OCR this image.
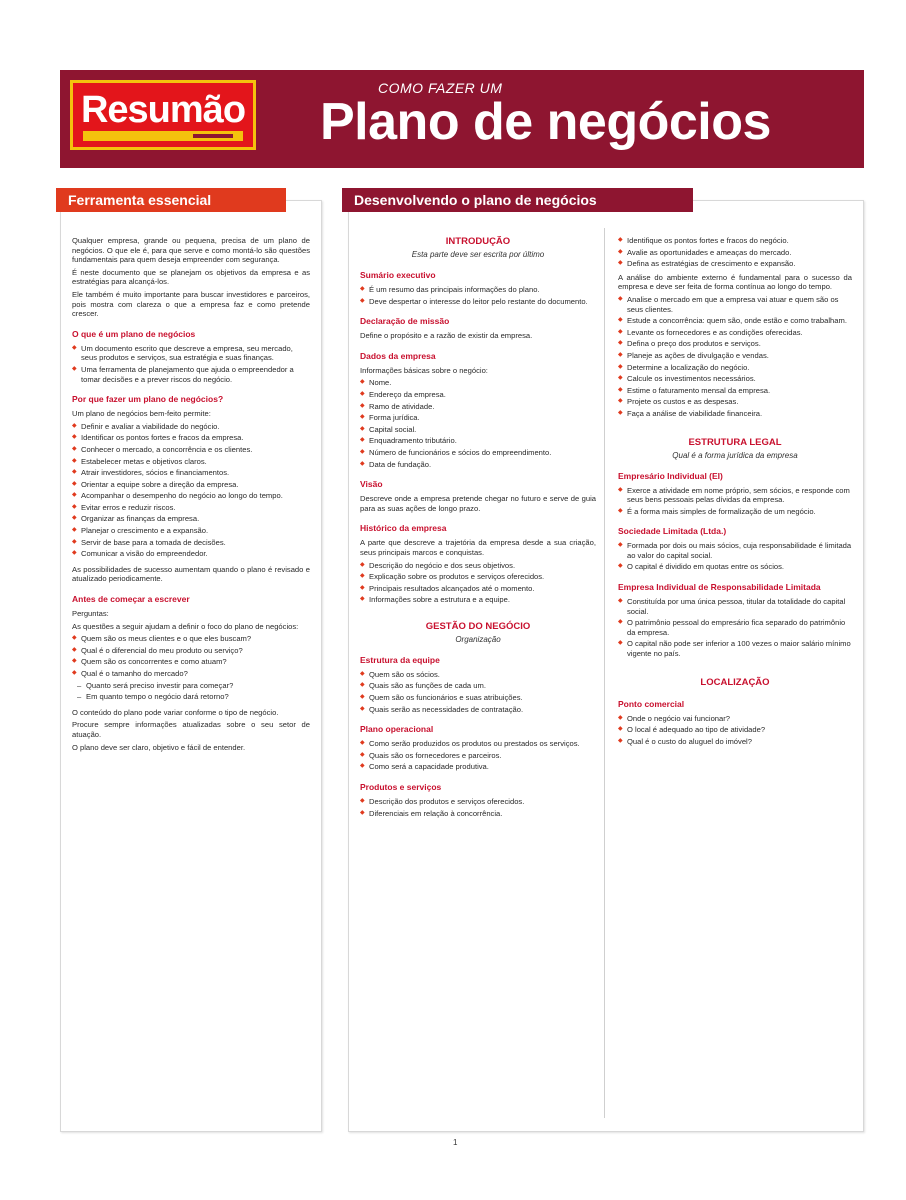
Resumão
COMO FAZER UM
Plano de negócios
Ferramenta essencial	Desenvolvendo o plano de negócios

Qualquer empresa, grande ou pequena, precisa de um plano de negócios. O que ele é, para que serve e como montá-lo são questões fundamentais para quem deseja empreender com segurança.

É neste documento que se planejam os objetivos da empresa e as estratégias para alcançá-los.

Ele também é muito importante para buscar investidores e parceiros, pois mostra com clareza o que a empresa faz e como pretende crescer.

O que é um plano de negócios
◆ Um documento escrito que descreve a empresa, seu mercado, seus produtos e serviços, sua estratégia e suas finanças.
◆ Uma ferramenta de planejamento que ajuda o empreendedor a tomar decisões e a prever riscos do negócio.
Por que fazer um plano de negócios?

Um plano de negócios bem-feito permite:

◆ Definir e avaliar a viabilidade do negócio.
◆ Identificar os pontos fortes e fracos da empresa.
◆ Conhecer o mercado, a concorrência e os clientes.
◆ Estabelecer metas e objetivos claros.
◆ Atrair investidores, sócios e financiamentos.
◆ Orientar a equipe sobre a direção da empresa.
◆ Acompanhar o desempenho do negócio ao longo do tempo.
◆ Evitar erros e reduzir riscos.
◆ Organizar as finanças da empresa.
◆ Planejar o crescimento e a expansão.
◆ Servir de base para a tomada de decisões.
◆ Comunicar a visão do empreendedor.

As possibilidades de sucesso aumentam quando o plano é revisado e atualizado periodicamente.

Antes de começar a escrever

Perguntas:

As questões a seguir ajudam a definir o foco do plano de negócios:

◆ Quem são os meus clientes e o que eles buscam?
◆ Qual é o diferencial do meu produto ou serviço?
◆ Quem são os concorrentes e como atuam?
◆ Qual é o tamanho do mercado?
– Quanto será preciso investir para começar?
– Em quanto tempo o negócio dará retorno?

O conteúdo do plano pode variar conforme o tipo de negócio.

Procure sempre informações atualizadas sobre o seu setor de atuação.

O plano deve ser claro, objetivo e fácil de entender.

INTRODUÇÃO
Esta parte deve ser escrita por último
Sumário executivo
◆ É um resumo das principais informações do plano.
◆ Deve despertar o interesse do leitor pelo restante do documento.
Declaração de missão

Define o propósito e a razão de existir da empresa.

Dados da empresa

Informações básicas sobre o negócio:

◆ Nome.
◆ Endereço da empresa.
◆ Ramo de atividade.
◆ Forma jurídica.
◆ Capital social.
◆ Enquadramento tributário.
◆ Número de funcionários e sócios do empreendimento.
◆ Data de fundação.
Visão

Descreve onde a empresa pretende chegar no futuro e serve de guia para as suas ações de longo prazo.

Histórico da empresa

A parte que descreve a trajetória da empresa desde a sua criação, seus principais marcos e conquistas.

◆ Descrição do negócio e dos seus objetivos.
◆ Explicação sobre os produtos e serviços oferecidos.
◆ Principais resultados alcançados até o momento.
◆ Informações sobre a estrutura e a equipe.
GESTÃO DO NEGÓCIO
Organização
Estrutura da equipe
◆ Quem são os sócios.
◆ Quais são as funções de cada um.
◆ Quem são os funcionários e suas atribuições.
◆ Quais serão as necessidades de contratação.
Plano operacional
◆ Como serão produzidos os produtos ou prestados os serviços.
◆ Quais são os fornecedores e parceiros.
◆ Como será a capacidade produtiva.
Produtos e serviços
◆ Descrição dos produtos e serviços oferecidos.
◆ Diferenciais em relação à concorrência.
◆ Identifique os pontos fortes e fracos do negócio.
◆ Avalie as oportunidades e ameaças do mercado.
◆ Defina as estratégias de crescimento e expansão.

A análise do ambiente externo é fundamental para o sucesso da empresa e deve ser feita de forma contínua ao longo do tempo.

◆ Analise o mercado em que a empresa vai atuar e quem são os seus clientes.
◆ Estude a concorrência: quem são, onde estão e como trabalham.
◆ Levante os fornecedores e as condições oferecidas.
◆ Defina o preço dos produtos e serviços.
◆ Planeje as ações de divulgação e vendas.
◆ Determine a localização do negócio.
◆ Calcule os investimentos necessários.
◆ Estime o faturamento mensal da empresa.
◆ Projete os custos e as despesas.
◆ Faça a análise de viabilidade financeira.
ESTRUTURA LEGAL
Qual é a forma jurídica da empresa
Empresário Individual (EI)
◆ Exerce a atividade em nome próprio, sem sócios, e responde com seus bens pessoais pelas dívidas da empresa.
◆ É a forma mais simples de formalização de um negócio.
Sociedade Limitada (Ltda.)
◆ Formada por dois ou mais sócios, cuja responsabilidade é limitada ao valor do capital social.
◆ O capital é dividido em quotas entre os sócios.
Empresa Individual de Responsabilidade Limitada
◆ Constituída por uma única pessoa, titular da totalidade do capital social.
◆ O patrimônio pessoal do empresário fica separado do patrimônio da empresa.
◆ O capital não pode ser inferior a 100 vezes o maior salário mínimo vigente no país.
LOCALIZAÇÃO
Ponto comercial
◆ Onde o negócio vai funcionar?
◆ O local é adequado ao tipo de atividade?
◆ Qual é o custo do aluguel do imóvel?
1
